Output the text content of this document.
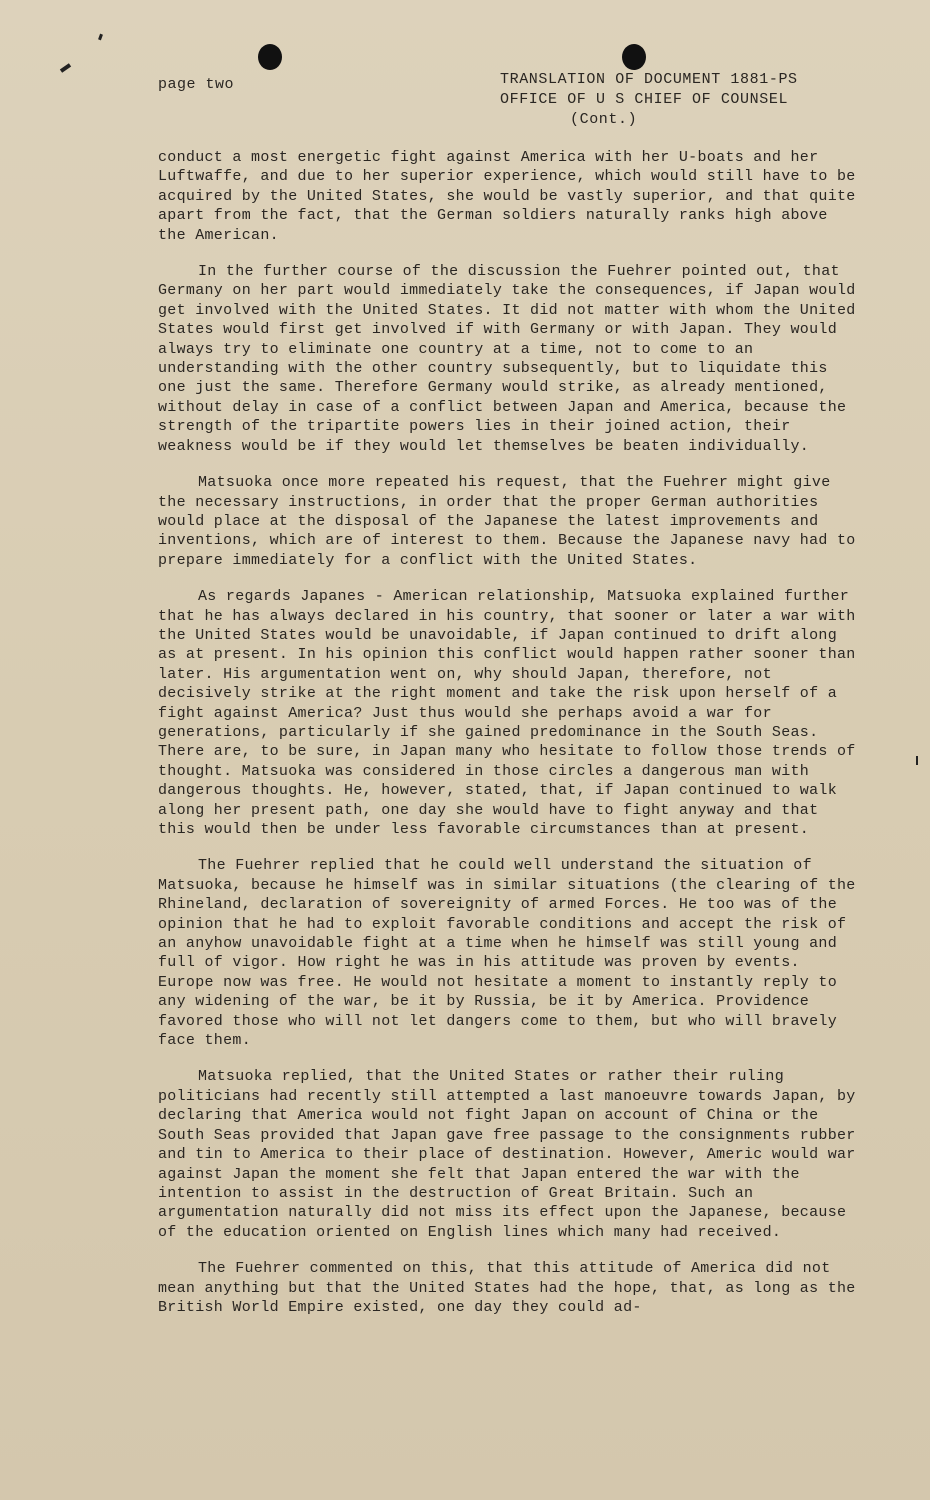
page two	TRANSLATION OF DOCUMENT 1881-PS
OFFICE OF U S CHIEF OF COUNSEL
(Cont.)

conduct a most energetic fight against America with her U-boats and her Luftwaffe, and due to her superior experience, which would still have to be acquired by the United States, she would be vastly superior, and that quite apart from the fact, that the German soldiers naturally ranks high above the American.

In the further course of the discussion the Fuehrer pointed out, that Germany on her part would immediately take the consequences, if Japan would get involved with the United States. It did not matter with whom the United States would first get involved if with Germany or with Japan. They would always try to eliminate one country at a time, not to come to an understanding with the other country subsequently, but to liquidate this one just the same. Therefore Germany would strike, as already mentioned, without delay in case of a conflict between Japan and America, because the strength of the tripartite powers lies in their joined action, their weakness would be if they would let themselves be beaten individually.

Matsuoka once more repeated his request, that the Fuehrer might give the necessary instructions, in order that the proper German authorities would place at the disposal of the Japanese the latest improvements and inventions, which are of interest to them. Because the Japanese navy had to prepare immediately for a conflict with the United States.

As regards Japanes - American relationship, Matsuoka explained further that he has always declared in his country, that sooner or later a war with the United States would be unavoidable, if Japan continued to drift along as at present. In his opinion this conflict would happen rather sooner than later. His argumentation went on, why should Japan, therefore, not decisively strike at the right moment and take the risk upon herself of a fight against America? Just thus would she perhaps avoid a war for generations, particularly if she gained predominance in the South Seas. There are, to be sure, in Japan many who hesitate to follow those trends of thought. Matsuoka was considered in those circles a dangerous man with dangerous thoughts. He, however, stated, that, if Japan continued to walk along her present path, one day she would have to fight anyway and that this would then be under less favorable circumstances than at present.

The Fuehrer replied that he could well understand the situation of Matsuoka, because he himself was in similar situations (the clearing of the Rhineland, declaration of sovereignity of armed Forces. He too was of the opinion that he had to exploit favorable conditions and accept the risk of an anyhow unavoidable fight at a time when he himself was still young and full of vigor. How right he was in his attitude was proven by events. Europe now was free. He would not hesitate a moment to instantly reply to any widening of the war, be it by Russia, be it by America. Providence favored those who will not let dangers come to them, but who will bravely face them.

Matsuoka replied, that the United States or rather their ruling politicians had recently still attempted a last manoeuvre towards Japan, by declaring that America would not fight Japan on account of China or the South Seas provided that Japan gave free passage to the consignments rubber and tin to America to their place of destination. However, Americ would war against Japan the moment she felt that Japan entered the war with the intention to assist in the destruction of Great Britain. Such an argumentation naturally did not miss its effect upon the Japanese, because of the education oriented on English lines which many had received.

The Fuehrer commented on this, that this attitude of America did not mean anything but that the United States had the hope, that, as long as the British World Empire existed, one day they could ad-
